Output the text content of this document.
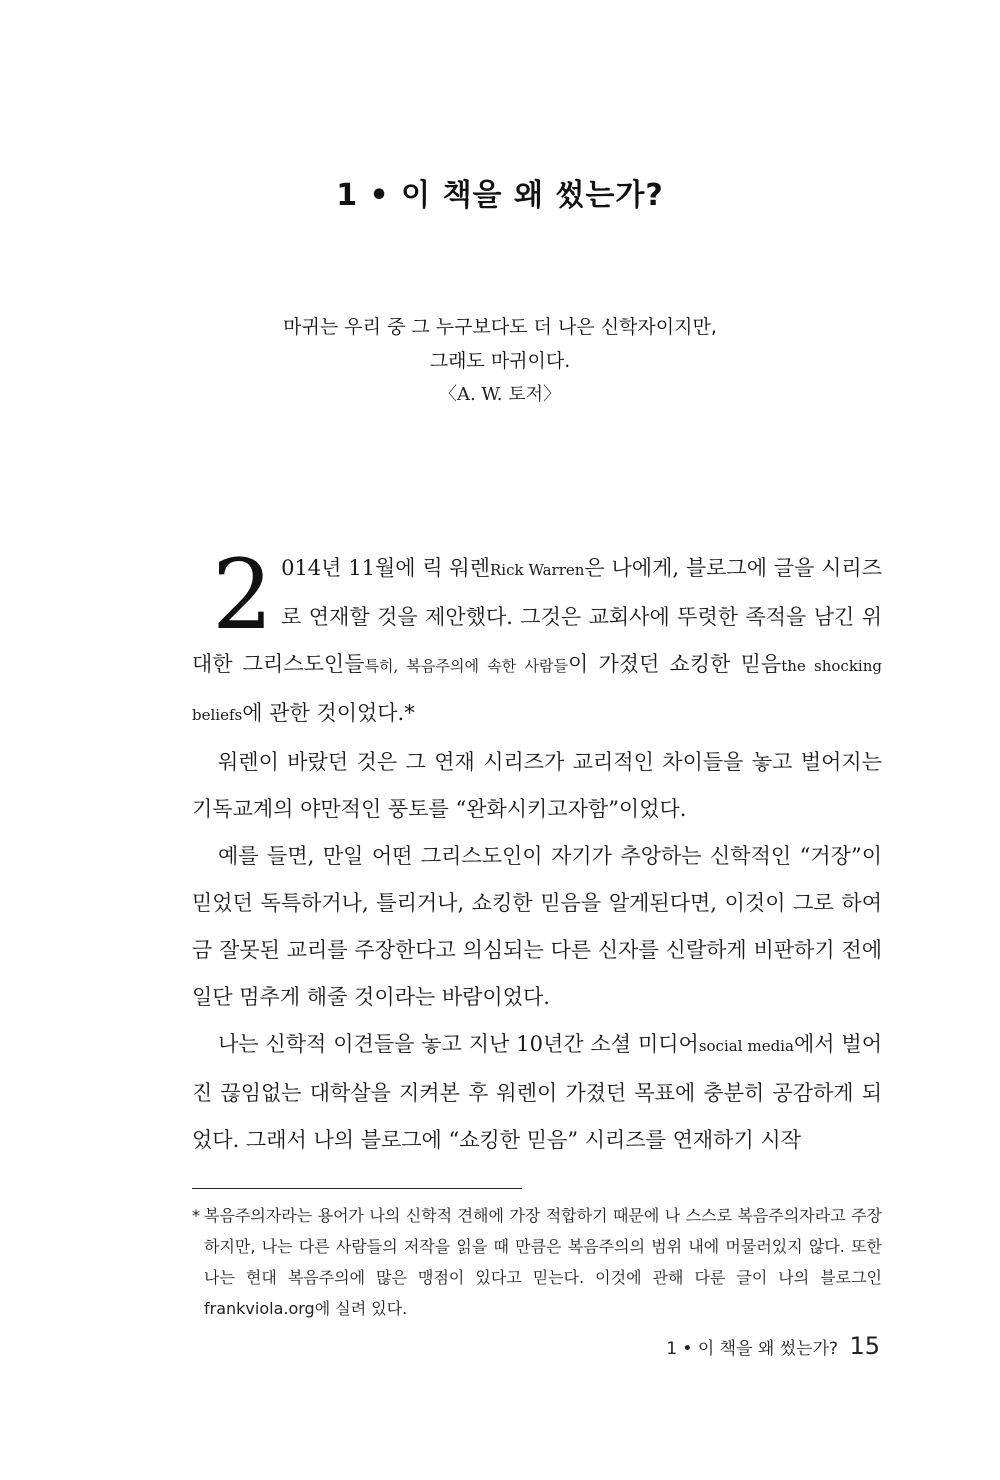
1 • 이 책을 왜 썼는가?
마귀는 우리 중 그 누구보다도 더 나은 신학자이지만,
그래도 마귀이다.
〈A. W. 토저〉

2 014년 11월에 릭 워렌Rick Warren은 나에게, 블로그에 글을 시리즈로 연재할 것을 제안했다. 그것은 교회사에 뚜렷한 족적을 남긴 위대한 그리스도인들특히, 복음주의에 속한 사람들이 가졌던 쇼킹한 믿음the shocking beliefs에 관한 것이었다.*

워렌이 바랐던 것은 그 연재 시리즈가 교리적인 차이들을 놓고 벌어지는 기독교계의 야만적인 풍토를 “완화시키고자함”이었다.

예를 들면, 만일 어떤 그리스도인이 자기가 추앙하는 신학적인 “거장”이 믿었던 독특하거나, 틀리거나, 쇼킹한 믿음을 알게된다면, 이것이 그로 하여금 잘못된 교리를 주장한다고 의심되는 다른 신자를 신랄하게 비판하기 전에 일단 멈추게 해줄 것이라는 바람이었다.

나는 신학적 이견들을 놓고 지난 10년간 소셜 미디어social media에서 벌어진 끊임없는 대학살을 지켜본 후 워렌이 가졌던 목표에 충분히 공감하게 되었다. 그래서 나의 블로그에 “쇼킹한 믿음” 시리즈를 연재하기 시작

* 복음주의자라는 용어가 나의 신학적 견해에 가장 적합하기 때문에 나 스스로 복음주의자라고 주장하지만, 나는 다른 사람들의 저작을 읽을 때 만큼은 복음주의의 범위 내에 머물러있지 않다. 또한 나는 현대 복음주의에 많은 맹점이 있다고 믿는다. 이것에 관해 다룬 글이 나의 블로그인 frankviola.org에 실려 있다.
1 • 이 책을 왜 썼는가? 15
